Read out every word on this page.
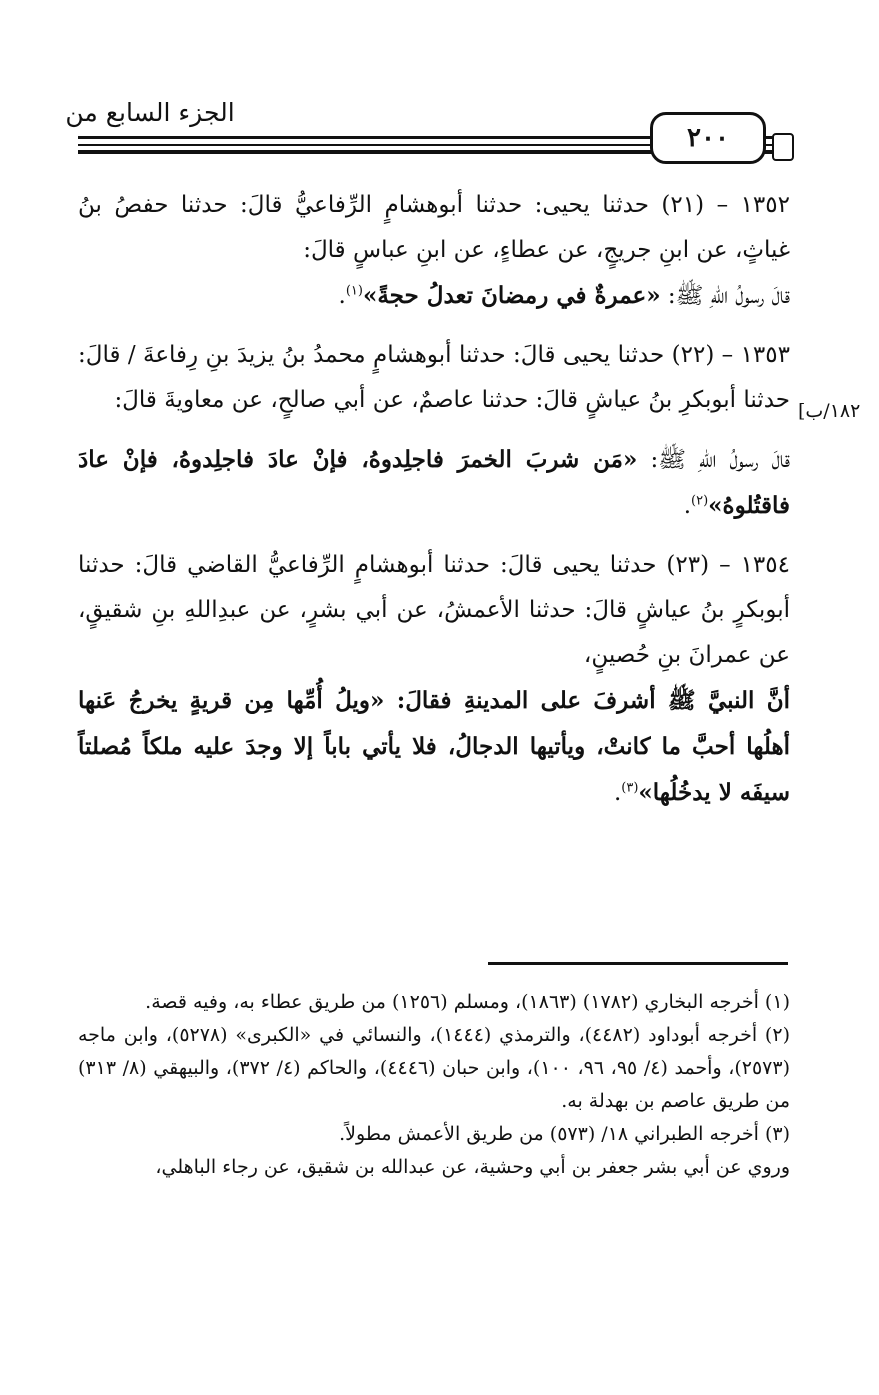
الجزء السابع من
٢٠٠
١٨٢/ب]

١٣٥٢ – (٢١) حدثنا يحيى: حدثنا أبوهشامٍ الرِّفاعيُّ قالَ: حدثنا حفصُ بنُ غياثٍ، عن ابنِ جريجٍ، عن عطاءٍ، عن ابنِ عباسٍ قالَ:

قالَ رسولُ اللهِ ﷺ: «عمرةٌ في رمضانَ تعدلُ حجةً»$^{(١)}$.

١٣٥٣ – (٢٢) حدثنا يحيى قالَ: حدثنا أبوهشامٍ محمدُ بنُ يزيدَ بنِ رِفاعةَ / قالَ: حدثنا أبوبكرِ بنُ عياشٍ قالَ: حدثنا عاصمٌ، عن أبي صالحٍ، عن معاويةَ قالَ:

قالَ رسولُ اللهِ ﷺ: «مَن شربَ الخمرَ فاجلِدوهُ، فإنْ عادَ فاجلِدوهُ، فإنْ عادَ فاقتُلوهُ»$^{(٢)}$.

١٣٥٤ – (٢٣) حدثنا يحيى قالَ: حدثنا أبوهشامٍ الرِّفاعيُّ القاضي قالَ: حدثنا أبوبكرٍ بنُ عياشٍ قالَ: حدثنا الأعمشُ، عن أبي بشرٍ، عن عبدِاللهِ بنِ شقيقٍ، عن عمرانَ بنِ حُصينٍ،

أنَّ النبيَّ ﷺ أشرفَ على المدينةِ فقالَ: «ويلُ أُمِّها مِن قريةٍ يخرجُ عَنها أهلُها أحبَّ ما كانتْ، ويأتيها الدجالُ، فلا يأتي باباً إلا وجدَ عليه ملكاً مُصلتاً سيفَه لا يدخُلُها»$^{(٣)}$.

(١) أخرجه البخاري (١٧٨٢) (١٨٦٣)، ومسلم (١٢٥٦) من طريق عطاء به، وفيه قصة.

(٢) أخرجه أبوداود (٤٤٨٢)، والترمذي (١٤٤٤)، والنسائي في «الكبرى» (٥٢٧٨)، وابن ماجه (٢٥٧٣)، وأحمد (٤/ ٩٥، ٩٦، ١٠٠)، وابن حبان (٤٤٤٦)، والحاكم (٤/ ٣٧٢)، والبيهقي (٨/ ٣١٣) من طريق عاصم بن بهدلة به.

(٣) أخرجه الطبراني ١٨/ (٥٧٣) من طريق الأعمش مطولاً.

وروي عن أبي بشر جعفر بن أبي وحشية، عن عبدالله بن شقيق، عن رجاء الباهلي،
